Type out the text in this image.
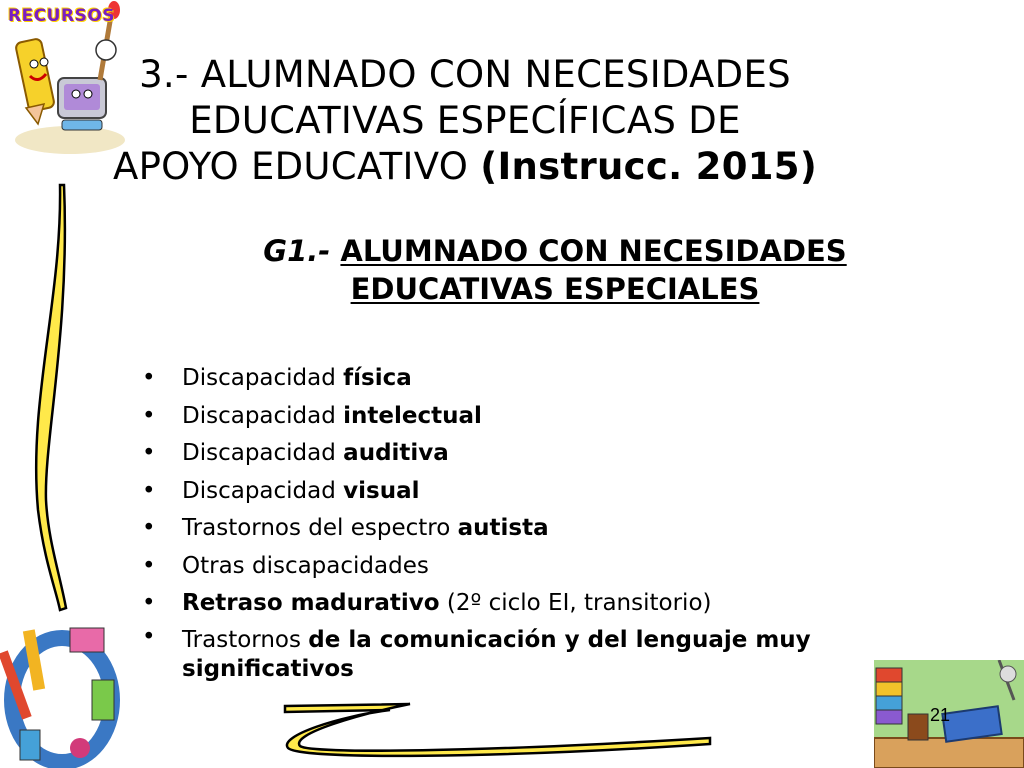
RECURSOS
3.- ALUMNADO CON NECESIDADES
EDUCATIVAS ESPECÍFICAS DE
APOYO EDUCATIVO (Instrucc. 2015)
G1.- ALUMNADO CON NECESIDADES
EDUCATIVAS ESPECIALES
• Discapacidad física
• Discapacidad intelectual
• Discapacidad auditiva
• Discapacidad visual
• Trastornos del espectro autista
• Otras discapacidades
• Retraso madurativo (2º ciclo EI, transitorio)
• Trastornos de la comunicación y del lenguaje muy significativos
21
